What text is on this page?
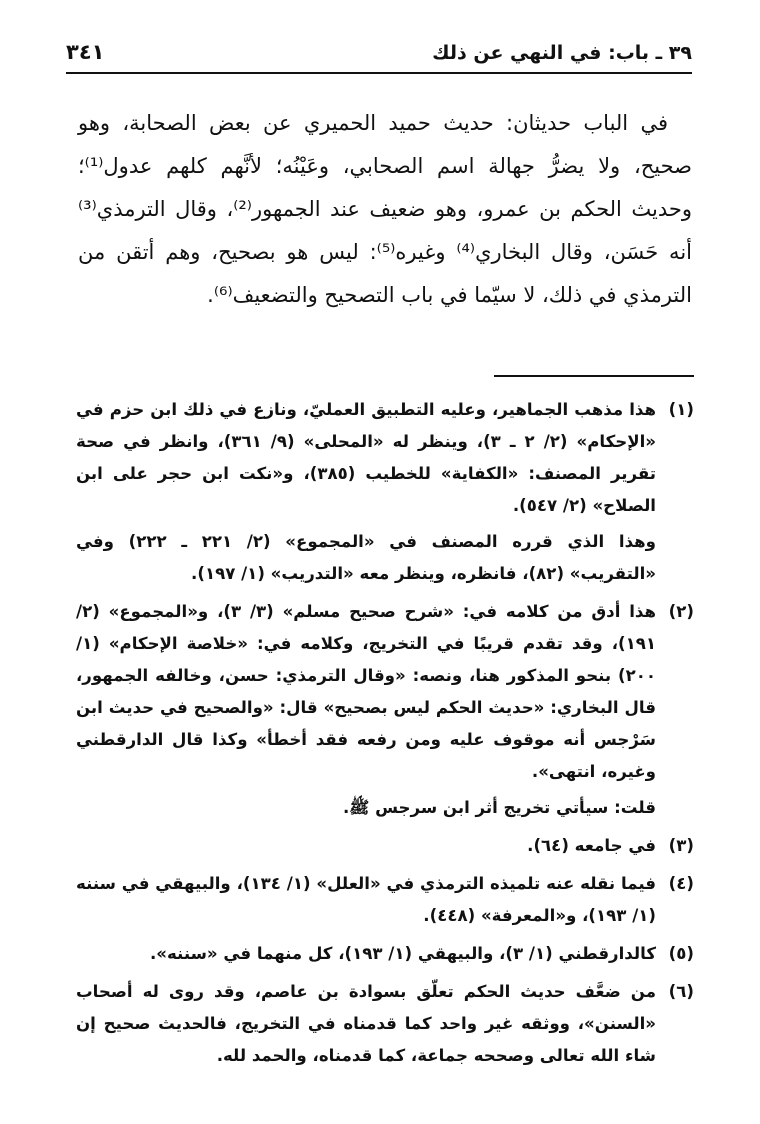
٣٩ ـ باب: في النهي عن ذلك
٣٤١

في الباب حديثان: حديث حميد الحميري عن بعض الصحابة، وهو صحيح، ولا يضرُّ جهالة اسم الصحابي، وعَيْنُه؛ لأنَّهم كلهم عدول⁽¹⁾؛ وحديث الحكم بن عمرو، وهو ضعيف عند الجمهور⁽²⁾، وقال الترمذي⁽³⁾ أنه حَسَن، وقال البخاري⁽⁴⁾ وغيره⁽⁵⁾: ليس هو بصحيح، وهم أتقن من الترمذي في ذلك، لا سيّما في باب التصحيح والتضعيف⁽⁶⁾.

(١)

هذا مذهب الجماهير، وعليه التطبيق العمليّ، ونازع في ذلك ابن حزم في «الإحكام» (٢/ ٢ ـ ٣)، وينظر له «المحلى» (٩/ ٣٦١)، وانظر في صحة تقرير المصنف: «الكفاية» للخطيب (٣٨٥)، و«نكت ابن حجر على ابن الصلاح» (٢/ ٥٤٧).

وهذا الذي قرره المصنف في «المجموع» (٢/ ٢٢١ ـ ٢٢٢) وفي «التقريب» (٨٢)، فانظره، وينظر معه «التدريب» (١/ ١٩٧).

(٢)

هذا أدق من كلامه في: «شرح صحيح مسلم» (٣/ ٣)، و«المجموع» (٢/ ١٩١)، وقد تقدم قريبًا في التخريج، وكلامه في: «خلاصة الإحكام» (١/ ٢٠٠) بنحو المذكور هنا، ونصه: «وقال الترمذي: حسن، وخالفه الجمهور، قال البخاري: «حديث الحكم ليس بصحيح» قال: «والصحيح في حديث ابن سَرْجس أنه موقوف عليه ومن رفعه فقد أخطأ» وكذا قال الدارقطني وغيره، انتهى».

قلت: سيأتي تخريج أثر ابن سرجس ﷺ.

(٣)

في جامعه (٦٤).

(٤)

فيما نقله عنه تلميذه الترمذي في «العلل» (١/ ١٣٤)، والبيهقي في سننه (١/ ١٩٣)، و«المعرفة» (٤٤٨).

(٥)

كالدارقطني (١/ ٣)، والبيهقي (١/ ١٩٣)، كل منهما في «سننه».

(٦)

من ضعَّف حديث الحكم تعلّق بسوادة بن عاصم، وقد روى له أصحاب «السنن»، ووثقه غير واحد كما قدمناه في التخريج، فالحديث صحيح إن شاء الله تعالى وصححه جماعة، كما قدمناه، والحمد لله.
